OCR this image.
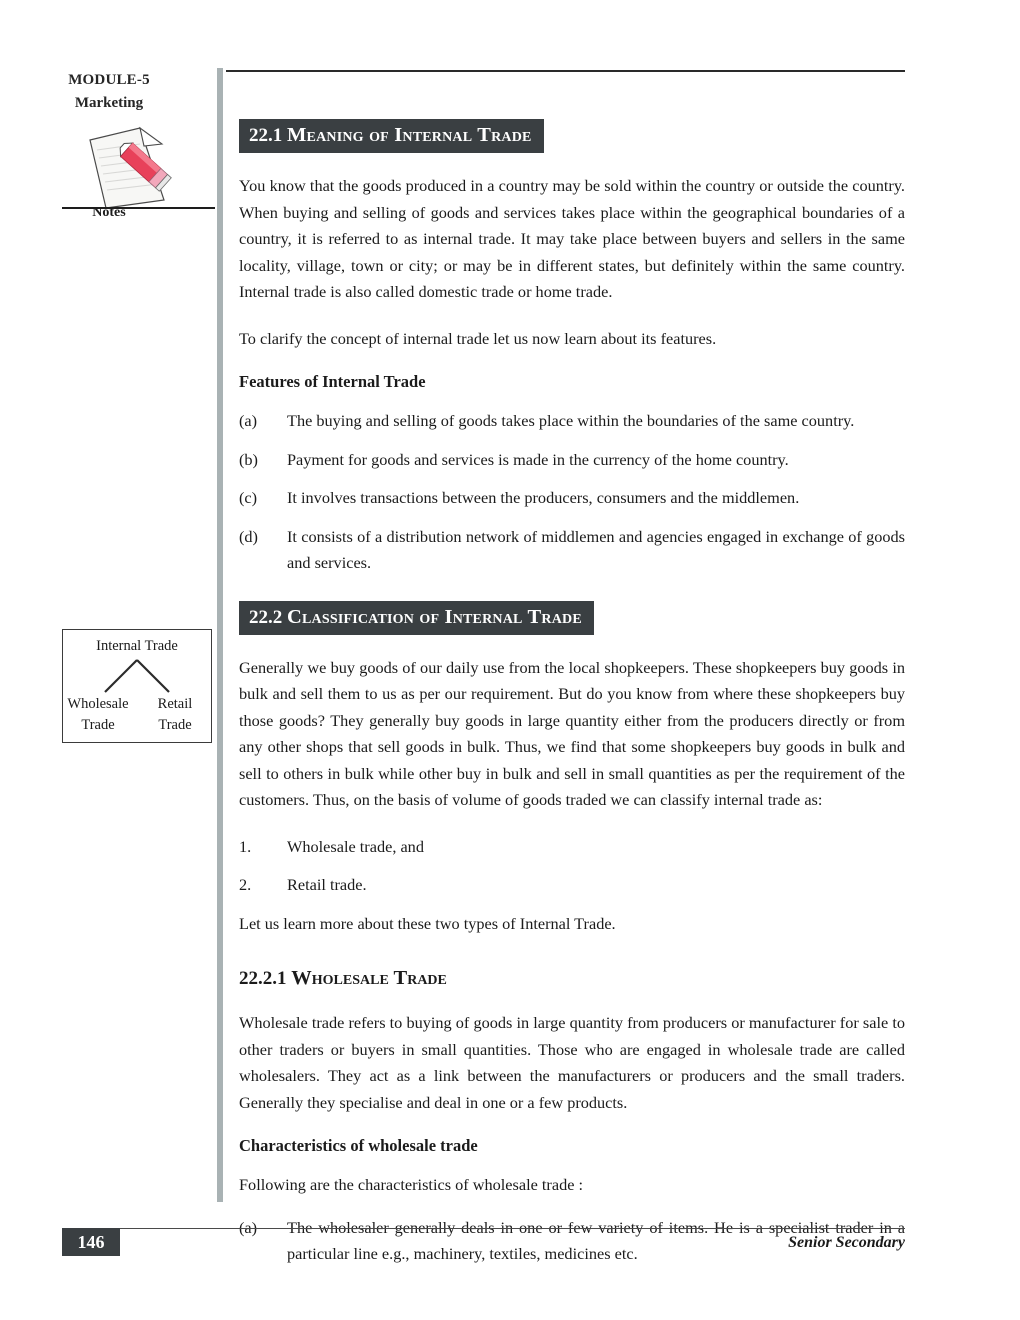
MODULE-5
Marketing
Notes
Internal Trade
Wholesale
Trade
Retail
Trade
22.1 Meaning of Internal Trade

You know that the goods produced in a country may be sold within the country or outside the country. When buying and selling of goods and services takes place within the geographical boundaries of a country, it is referred to as internal trade. It may take place between buyers and sellers in the same locality, village, town or city; or may be in different states, but definitely within the same country. Internal trade is also called domestic trade or home trade.

To clarify the concept of internal trade let us now learn about its features.

Features of Internal Trade
(a)	The buying and selling of goods takes place within the boundaries of the same country.
(b)	Payment for goods and services is made in the currency of the home country.
(c)	It involves transactions between the producers, consumers and the middlemen.
(d)	It consists of a distribution network of middlemen and agencies engaged in exchange of goods and services.
22.2 Classification of Internal Trade

Generally we buy goods of our daily use from the local shopkeepers. These shopkeepers buy goods in bulk and sell them to us as per our requirement. But do you know from where these shopkeepers buy those goods? They generally buy goods in large quantity either from the producers directly or from any other shops that sell goods in bulk. Thus, we find that some shopkeepers buy goods in bulk and sell to others in bulk while other buy in bulk and sell in small quantities as per the requirement of the customers. Thus, on the basis of volume of goods traded we can classify internal trade as:

1.	Wholesale trade, and
2.	Retail trade.

Let us learn more about these two types of Internal Trade.

22.2.1 Wholesale Trade

Wholesale trade refers to buying of goods in large quantity from producers or manufacturer for sale to other traders or buyers in small quantities. Those who are engaged in wholesale trade are called wholesalers. They act as a link between the manufacturers or producers and the small traders. Generally they specialise and deal in one or a few products.

Characteristics of wholesale trade

Following are the characteristics of wholesale trade :

(a)	The wholesaler generally deals in one or few variety of items. He is a specialist trader in a particular line e.g., machinery, textiles, medicines etc.
146	Senior Secondary
